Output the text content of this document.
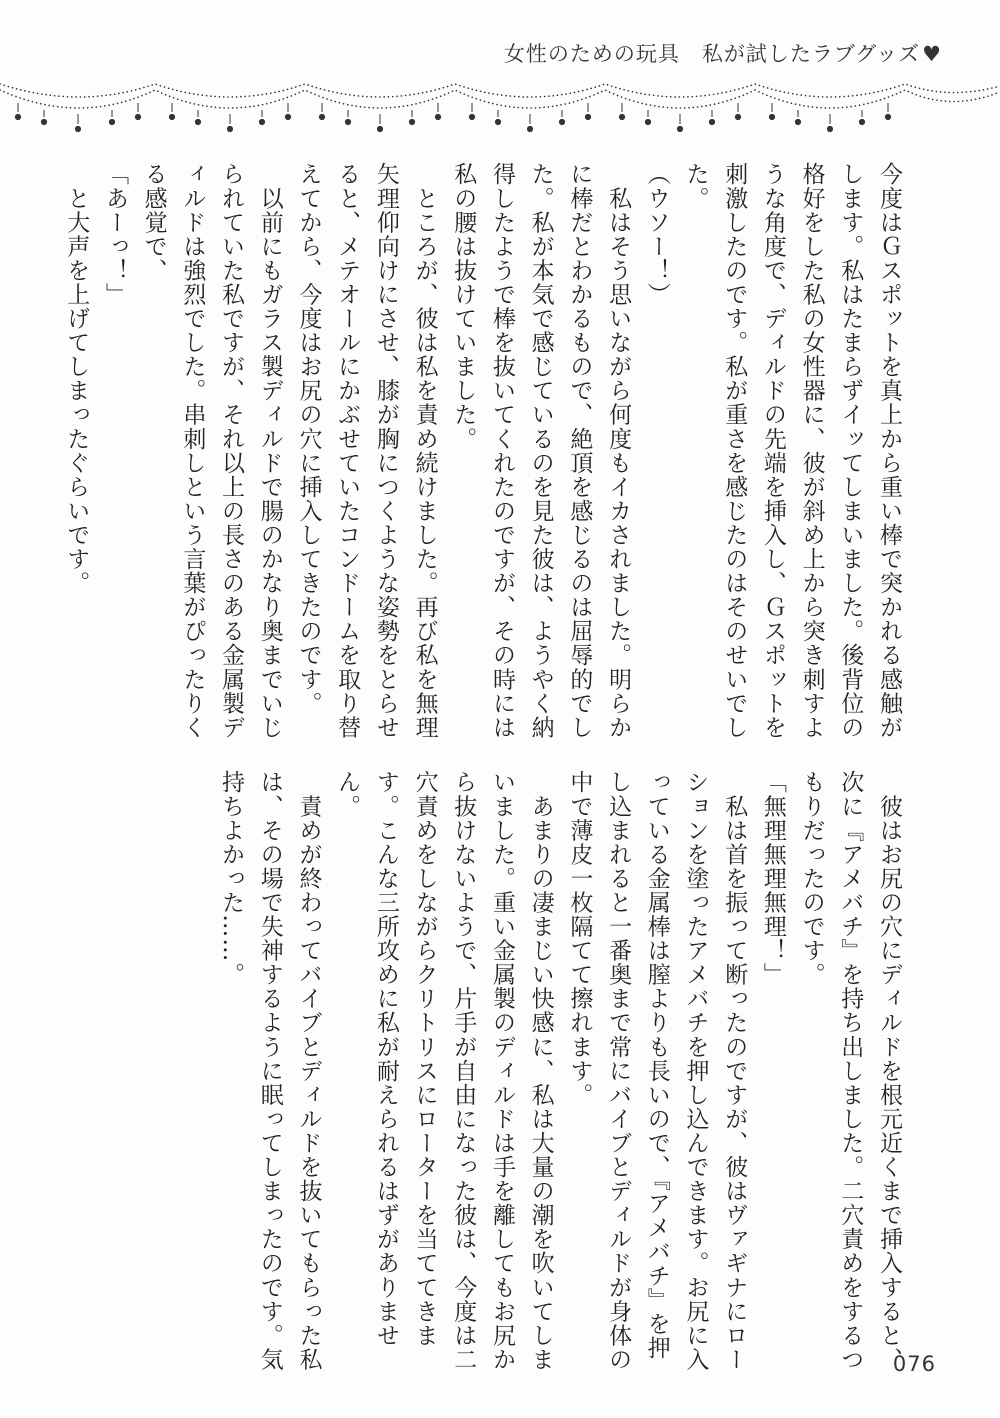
女性のための玩具　私が試したラブグッズ♥

今度はＧスポットを真上から重い棒で突かれる感触がします。私はたまらずイッてしまいました。後背位の格好をした私の女性器に、彼が斜め上から突き刺すような角度で、ディルドの先端を挿入し、Ｇスポットを刺激したのです。私が重さを感じたのはそのせいでした。

（ウソー！）

　私はそう思いながら何度もイカされました。明らかに棒だとわかるもので、絶頂を感じるのは屈辱的でした。私が本気で感じているのを見た彼は、ようやく納得したようで棒を抜いてくれたのですが、その時には私の腰は抜けていました。

　ところが、彼は私を責め続けました。再び私を無理矢理仰向けにさせ、膝が胸につくような姿勢をとらせると、メテオールにかぶせていたコンドームを取り替えてから、今度はお尻の穴に挿入してきたのです。

　以前にもガラス製ディルドで腸のかなり奥までいじられていた私ですが、それ以上の長さのある金属製ディルドは強烈でした。串刺しという言葉がぴったりくる感覚で、

「あーっ！」

　と大声を上げてしまったぐらいです。

　彼はお尻の穴にディルドを根元近くまで挿入すると、次に『アメバチ』を持ち出しました。二穴責めをするつもりだったのです。

「無理無理無理！」

　私は首を振って断ったのですが、彼はヴァギナにローションを塗ったアメバチを押し込んできます。お尻に入っている金属棒は膣よりも長いので、『アメバチ』を押し込まれると一番奥まで常にバイブとディルドが身体の中で薄皮一枚隔てて擦れます。

　あまりの凄まじい快感に、私は大量の潮を吹いてしまいました。重い金属製のディルドは手を離してもお尻から抜けないようで、片手が自由になった彼は、今度は二穴責めをしながらクリトリスにローターを当ててきます。こんな三所攻めに私が耐えられるはずがありません。

　責めが終わってバイブとディルドを抜いてもらった私は、その場で失神するように眠ってしまったのです。気持ちよかった……。

076
